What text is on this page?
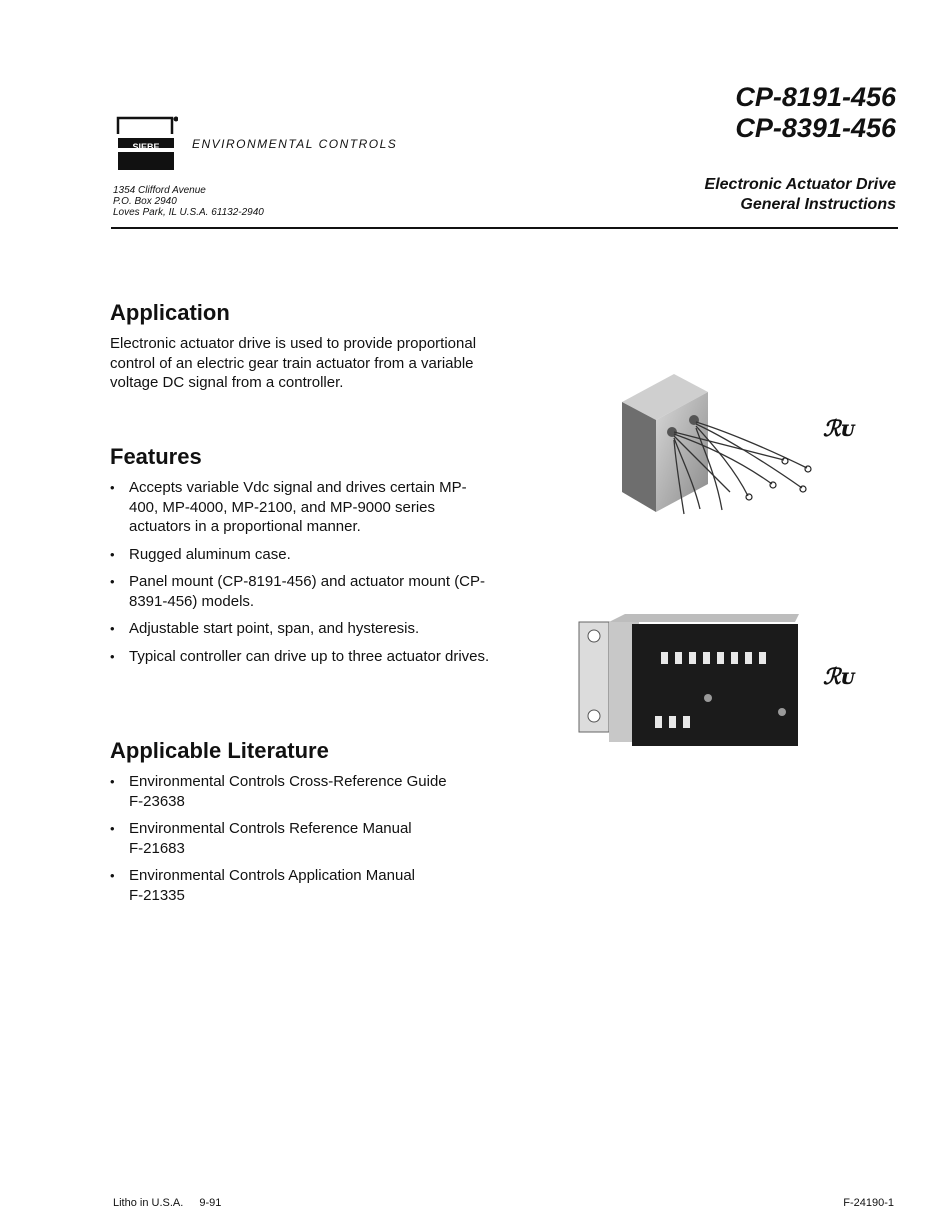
SIEBE	ENVIRONMENTAL CONTROLS
1354 Clifford Avenue
P.O. Box 2940
Loves Park, IL U.S.A. 61132-2940
CP-8191-456
CP-8391-456
Electronic Actuator Drive
General Instructions
Application
Electronic actuator drive is used to provide proportional control of an electric gear train actuator from a variable voltage DC signal from a controller.
Features
• Accepts variable Vdc signal and drives certain MP-400, MP-4000, MP-2100, and MP-9000 series actuators in a proportional manner.
• Rugged aluminum case.
• Panel mount (CP-8191-456) and actuator mount (CP-8391-456) models.
• Adjustable start point, span, and hysteresis.
• Typical controller can drive up to three actuator drives.
Applicable Literature
• Environmental Controls Cross-Reference Guide
F-23638
• Environmental Controls Reference Manual
F-21683
• Environmental Controls Application Manual
F-21335
ℛᴜ
ℛᴜ
Litho in U.S.A. 9-91	F-24190-1
